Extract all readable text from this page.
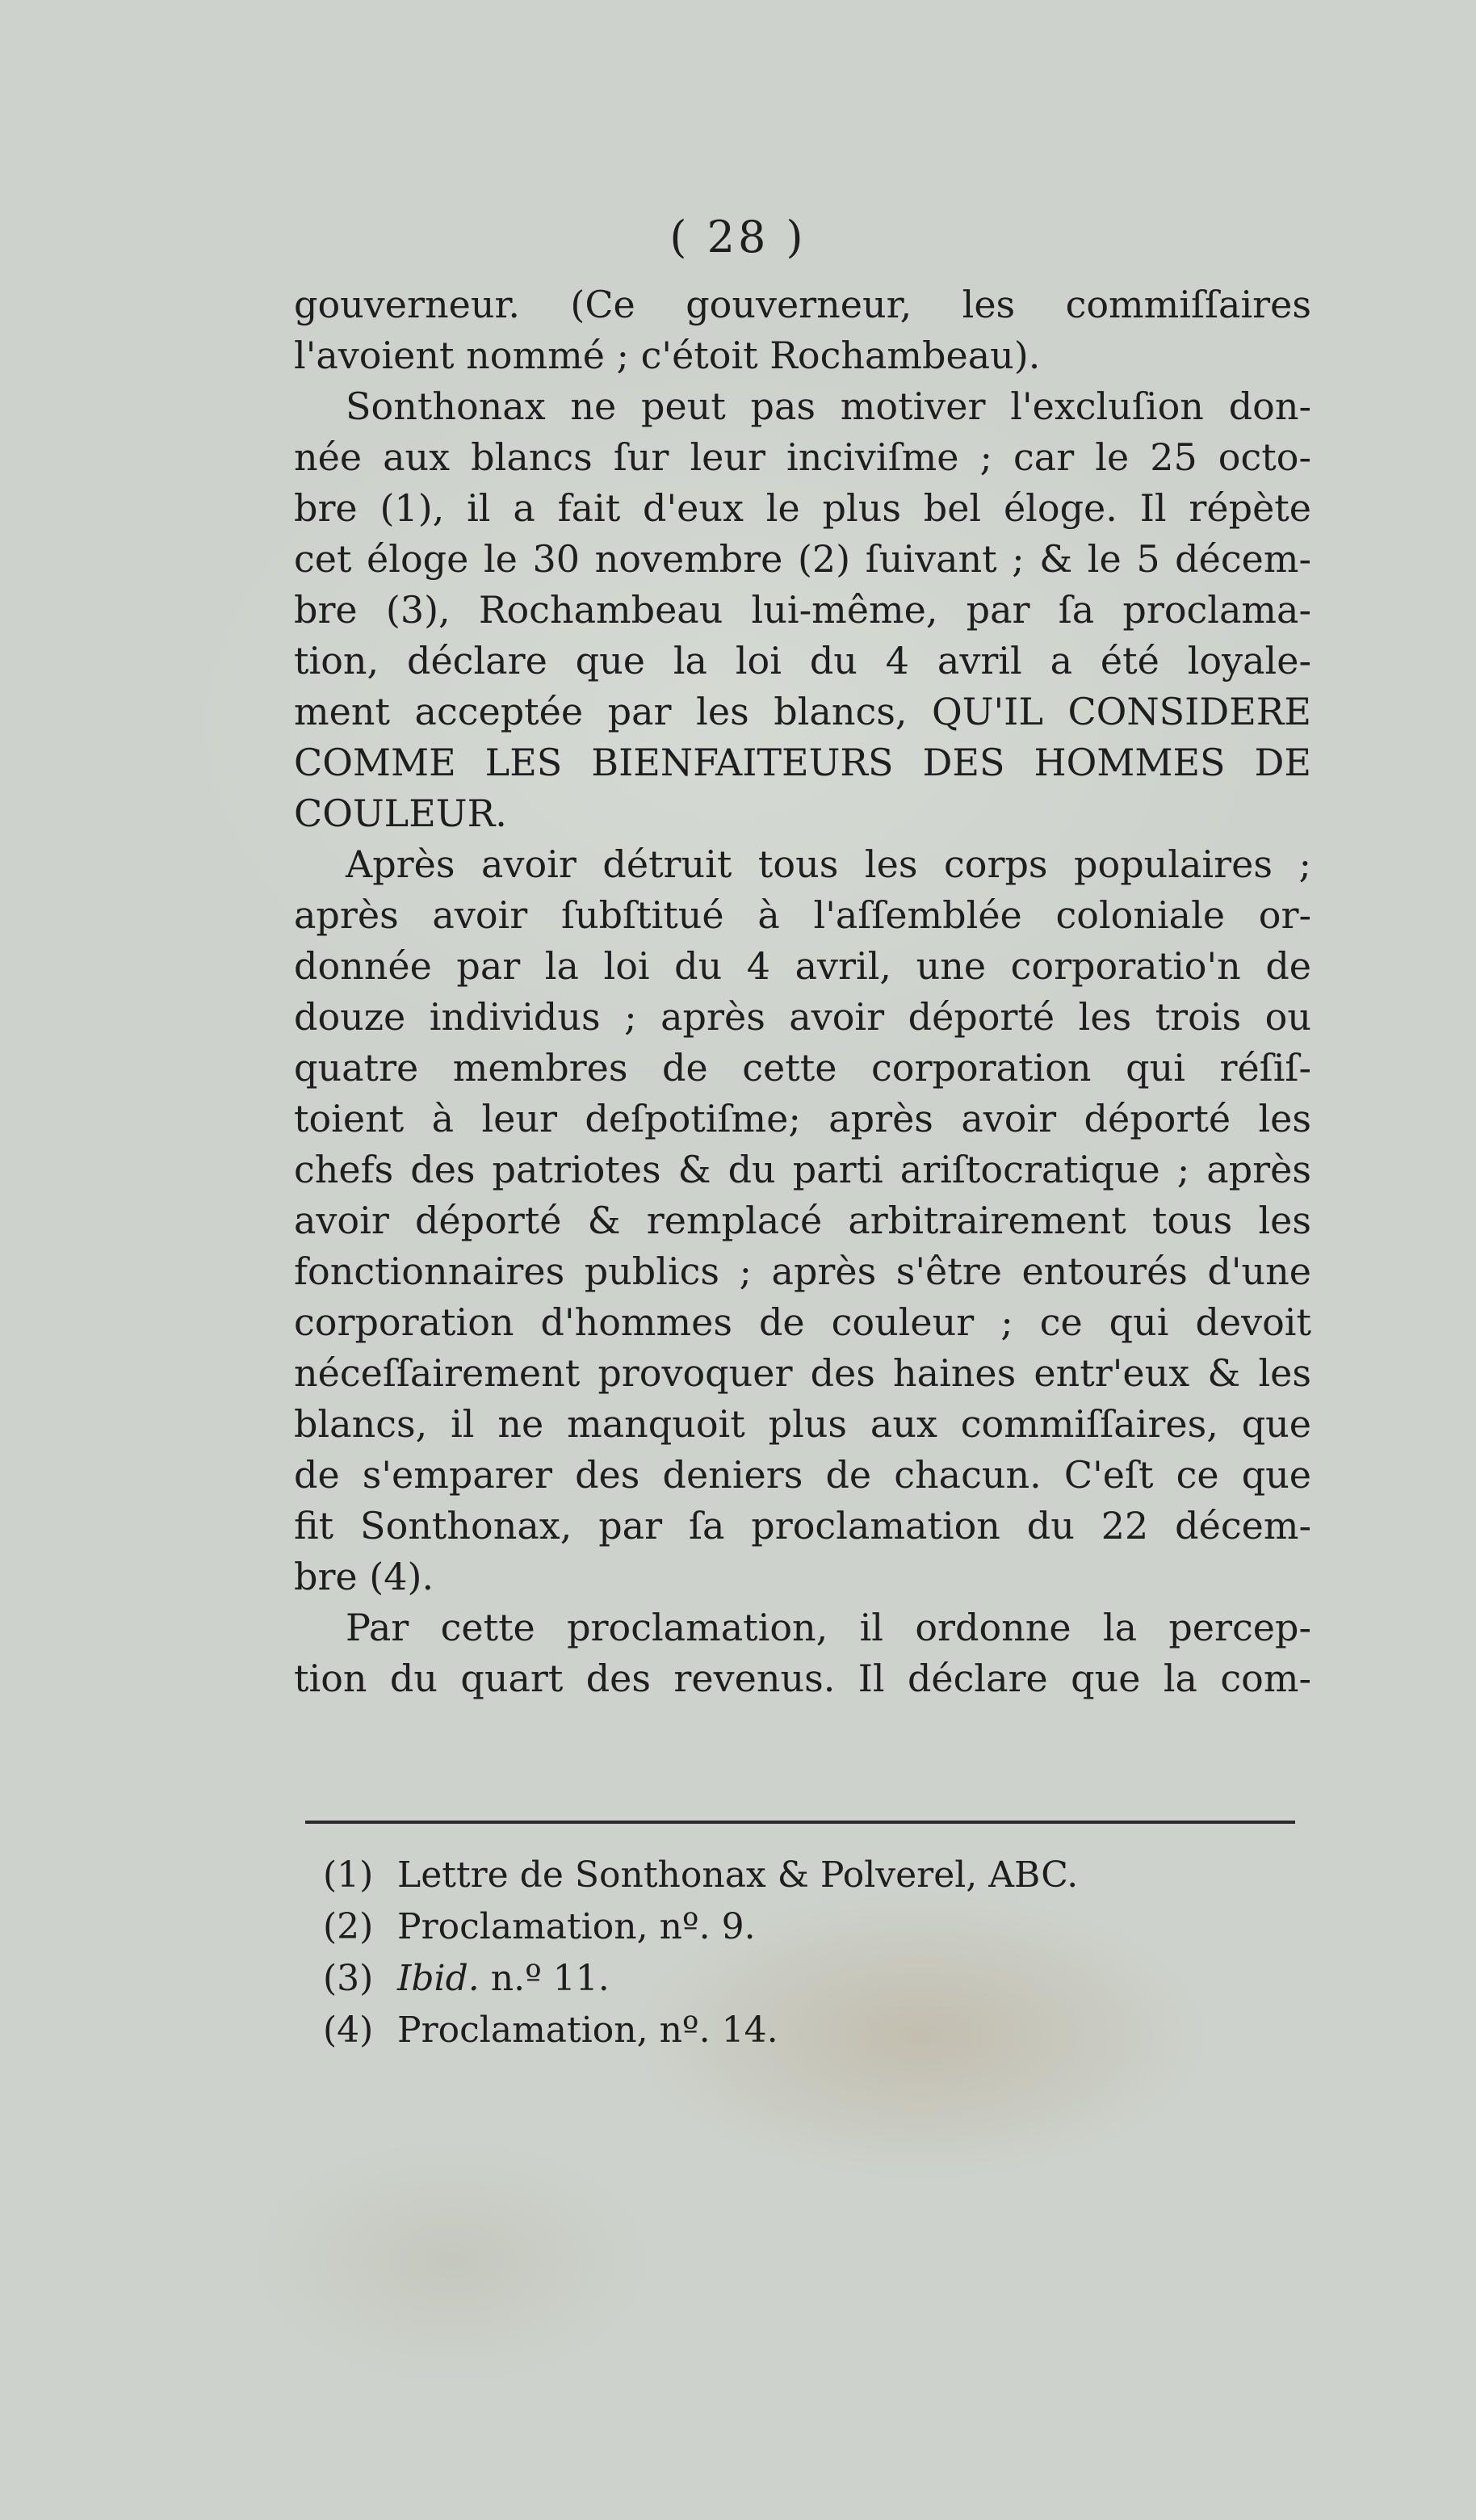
( 28 )
gouverneur. (Ce gouverneur, les commiſſaires
l'avoient nommé ; c'étoit Rochambeau).
Sonthonax ne peut pas motiver l'excluſion don-
née aux blancs ſur leur inciviſme ; car le 25 octo-
bre (1), il a fait d'eux le plus bel éloge. Il répète
cet éloge le 30 novembre (2) ſuivant ; & le 5 décem-
bre (3), Rochambeau lui-même, par ſa proclama-
tion, déclare que la loi du 4 avril a été loyale-
ment acceptée par les blancs, QU'IL CONSIDERE
COMME LES BIENFAITEURS DES HOMMES DE
COULEUR.
Après avoir détruit tous les corps populaires ;
après avoir ſubſtitué à l'aſſemblée coloniale or-
donnée par la loi du 4 avril, une corporatio'n de
douze individus ; après avoir déporté les trois ou
quatre membres de cette corporation qui réſiſ-
toient à leur deſpotiſme; après avoir déporté les
chefs des patriotes & du parti ariſtocratique ; après
avoir déporté & remplacé arbitrairement tous les
fonctionnaires publics ; après s'être entourés d'une
corporation d'hommes de couleur ; ce qui devoit
néceſſairement provoquer des haines entr'eux & les
blancs, il ne manquoit plus aux commiſſaires, que
de s'emparer des deniers de chacun. C'eſt ce que
fit Sonthonax, par ſa proclamation du 22 décem-
bre (4).
Par cette proclamation, il ordonne la percep-
tion du quart des revenus. Il déclare que la com-
(1) Lettre de Sonthonax & Polverel, ABC.
(2) Proclamation, nº. 9.
(3) Ibid. n.º 11.
(4) Proclamation, nº. 14.
